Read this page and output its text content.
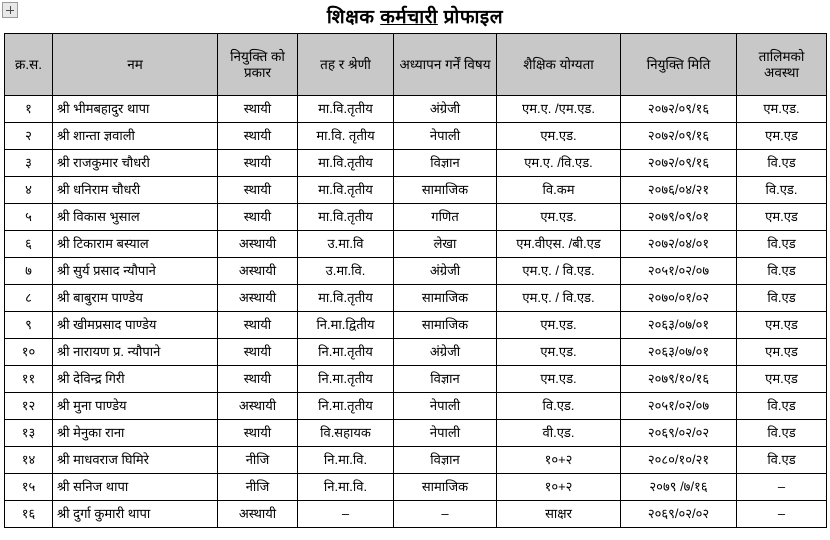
शिक्षक कर्मचारी प्रोफाइल
क्र.स.	नम	नियुक्ति को प्रकार	तह र श्रेणी	अध्यापन गर्नें विषय	शैक्षिक योग्यता	नियुक्ति मिति	तालिमको अवस्था
१	श्री भीमबहादुर थापा	स्थायी	मा.वि.तृतीय	अंग्रेजी	एम.ए. /एम.एड.	२०७२/०९/१६	एम.एड.
२	श्री शान्ता ज्ञवाली	स्थायी	मा.वि. तृतीय	नेपाली	एम.एड.	२०७२/०९/१६	एम.एड
३	श्री राजकुमार चौधरी	स्थायी	मा.वि.तृतीय	विज्ञान	एम.ए. /वि.एड.	२०७२/०९/१६	वि.एड
४	श्री धनिराम चौधरी	स्थायी	मा.वि.तृतीय	सामाजिक	वि.कम	२०७६/०४/२१	वि.एड.
५	श्री विकास भुसाल	स्थायी	मा.वि.तृतीय	गणित	एम.एड.	२०७९/०९/०१	एम.एड
६	श्री टिकाराम बस्याल	अस्थायी	उ.मा.वि	लेखा	एम.वीएस. /बी.एड	२०७२/०४/०१	वि.एड
७	श्री सुर्य प्रसाद न्यौपाने	अस्थायी	उ.मा.वि.	अंग्रेजी	एम.ए. / वि.एड.	२०५१/०२/०७	वि.एड
८	श्री बाबुराम पाण्डेय	अस्थायी	मा.वि.तृतीय	सामाजिक	एम.ए. / वि.एड.	२०७०/०१/०२	वि.एड
९	श्री खीमप्रसाद पाण्डेय	स्थायी	नि.मा.द्वितीय	सामाजिक	एम.एड.	२०६३/०७/०१	एम.एड
१०	श्री नारायण प्र. न्यौपाने	स्थायी	नि.मा.तृतीय	अंग्रेजी	एम.एड.	२०६३/०७/०१	एम.एड
११	श्री देविन्द्र गिरी	स्थायी	नि.मा.तृतीय	विज्ञान	एम.एड.	२०७९/१०/१६	एम.एड
१२	श्री मुना पाण्डेय	अस्थायी	नि.मा.तृतीय	नेपाली	वि.एड.	२०५१/०२/०७	वि.एड
१३	श्री मेनुका राना	स्थायी	वि.सहायक	नेपाली	वी.एड.	२०६९/०२/०२	वि.एड
१४	श्री माधवराज घिमिरे	नीजि	नि.मा.वि.	विज्ञान	१०+२	२०८०/१०/२१	वि.एड
१५	श्री सनिज थापा	नीजि	नि.मा.वि.	सामाजिक	१०+२	२०७९ /७/१६	–
१६	श्री दुर्गा कुमारी थापा	अस्थायी	–	–	साक्षर	२०६९/०२/०२	–
